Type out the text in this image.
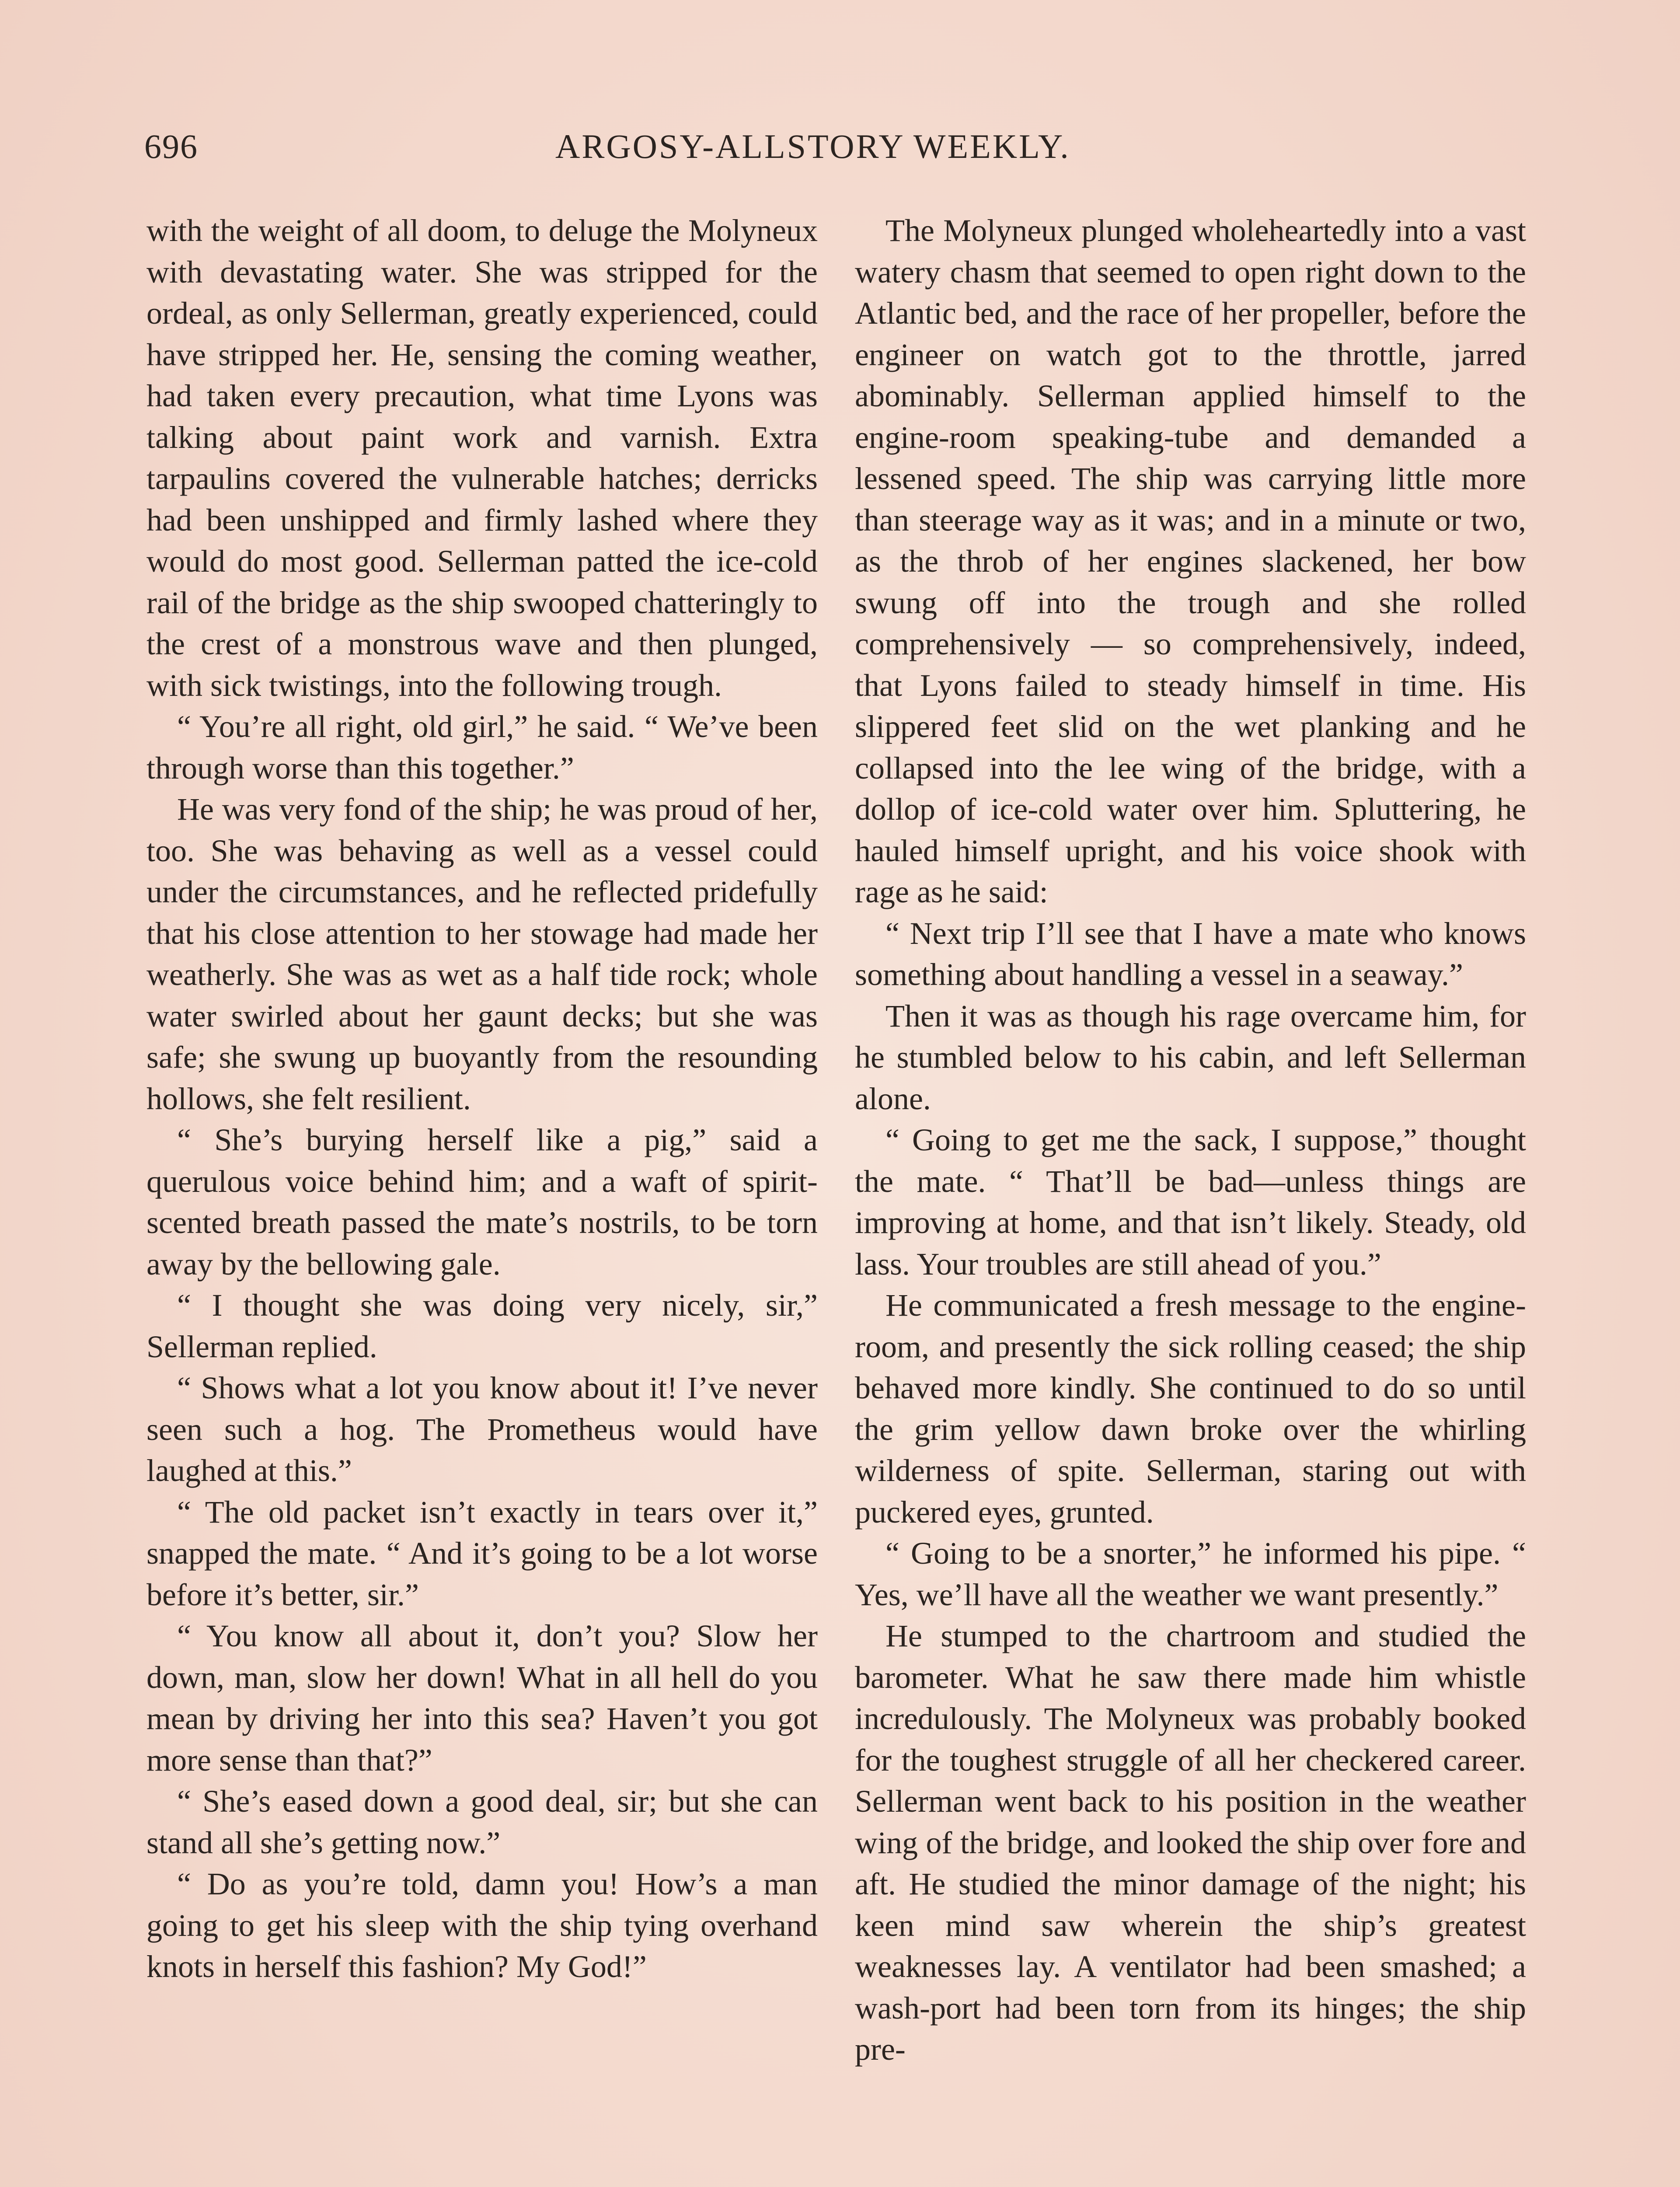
696	ARGOSY-ALLSTORY WEEKLY.

with the weight of all doom, to deluge the Molyneux with devastating water. She was stripped for the ordeal, as only Sellerman, greatly experienced, could have stripped her. He, sensing the coming weather, had taken every precaution, what time Lyons was talking about paint work and varnish. Extra tarpaulins covered the vulnerable hatches; derricks had been unshipped and firmly lashed where they would do most good. Sellerman patted the ice-cold rail of the bridge as the ship swooped chatteringly to the crest of a monstrous wave and then plunged, with sick twistings, into the following trough.

“ You’re all right, old girl,” he said. “ We’ve been through worse than this together.”

He was very fond of the ship; he was proud of her, too. She was behaving as well as a vessel could under the circumstances, and he reflected pridefully that his close attention to her stowage had made her weatherly. She was as wet as a half tide rock; whole water swirled about her gaunt decks; but she was safe; she swung up buoyantly from the resounding hollows, she felt resilient.

“ She’s burying herself like a pig,” said a querulous voice behind him; and a waft of spirit-scented breath passed the mate’s nostrils, to be torn away by the bellowing gale.

“ I thought she was doing very nicely, sir,” Sellerman replied.

“ Shows what a lot you know about it! I’ve never seen such a hog. The Prometheus would have laughed at this.”

“ The old packet isn’t exactly in tears over it,” snapped the mate. “ And it’s going to be a lot worse before it’s better, sir.”

“ You know all about it, don’t you? Slow her down, man, slow her down! What in all hell do you mean by driving her into this sea? Haven’t you got more sense than that?”

“ She’s eased down a good deal, sir; but she can stand all she’s getting now.”

“ Do as you’re told, damn you! How’s a man going to get his sleep with the ship tying overhand knots in herself this fashion? My God!”

The Molyneux plunged wholeheartedly into a vast watery chasm that seemed to open right down to the Atlantic bed, and the race of her propeller, before the engineer on watch got to the throttle, jarred abominably. Sellerman applied himself to the engine-room speaking-tube and demanded a lessened speed. The ship was carrying little more than steerage way as it was; and in a minute or two, as the throb of her engines slackened, her bow swung off into the trough and she rolled comprehensively — so comprehensively, indeed, that Lyons failed to steady himself in time. His slippered feet slid on the wet planking and he collapsed into the lee wing of the bridge, with a dollop of ice-cold water over him. Spluttering, he hauled himself upright, and his voice shook with rage as he said:

“ Next trip I’ll see that I have a mate who knows something about handling a vessel in a seaway.”

Then it was as though his rage overcame him, for he stumbled below to his cabin, and left Sellerman alone.

“ Going to get me the sack, I suppose,” thought the mate. “ That’ll be bad—unless things are improving at home, and that isn’t likely. Steady, old lass. Your troubles are still ahead of you.”

He communicated a fresh message to the engine-room, and presently the sick rolling ceased; the ship behaved more kindly. She continued to do so until the grim yellow dawn broke over the whirling wilderness of spite. Sellerman, staring out with puckered eyes, grunted.

“ Going to be a snorter,” he informed his pipe. “ Yes, we’ll have all the weather we want presently.”

He stumped to the chartroom and studied the barometer. What he saw there made him whistle incredulously. The Molyneux was probably booked for the toughest struggle of all her checkered career. Sellerman went back to his position in the weather wing of the bridge, and looked the ship over fore and aft. He studied the minor damage of the night; his keen mind saw wherein the ship’s greatest weaknesses lay. A ventilator had been smashed; a wash-port had been torn from its hinges; the ship pre-
